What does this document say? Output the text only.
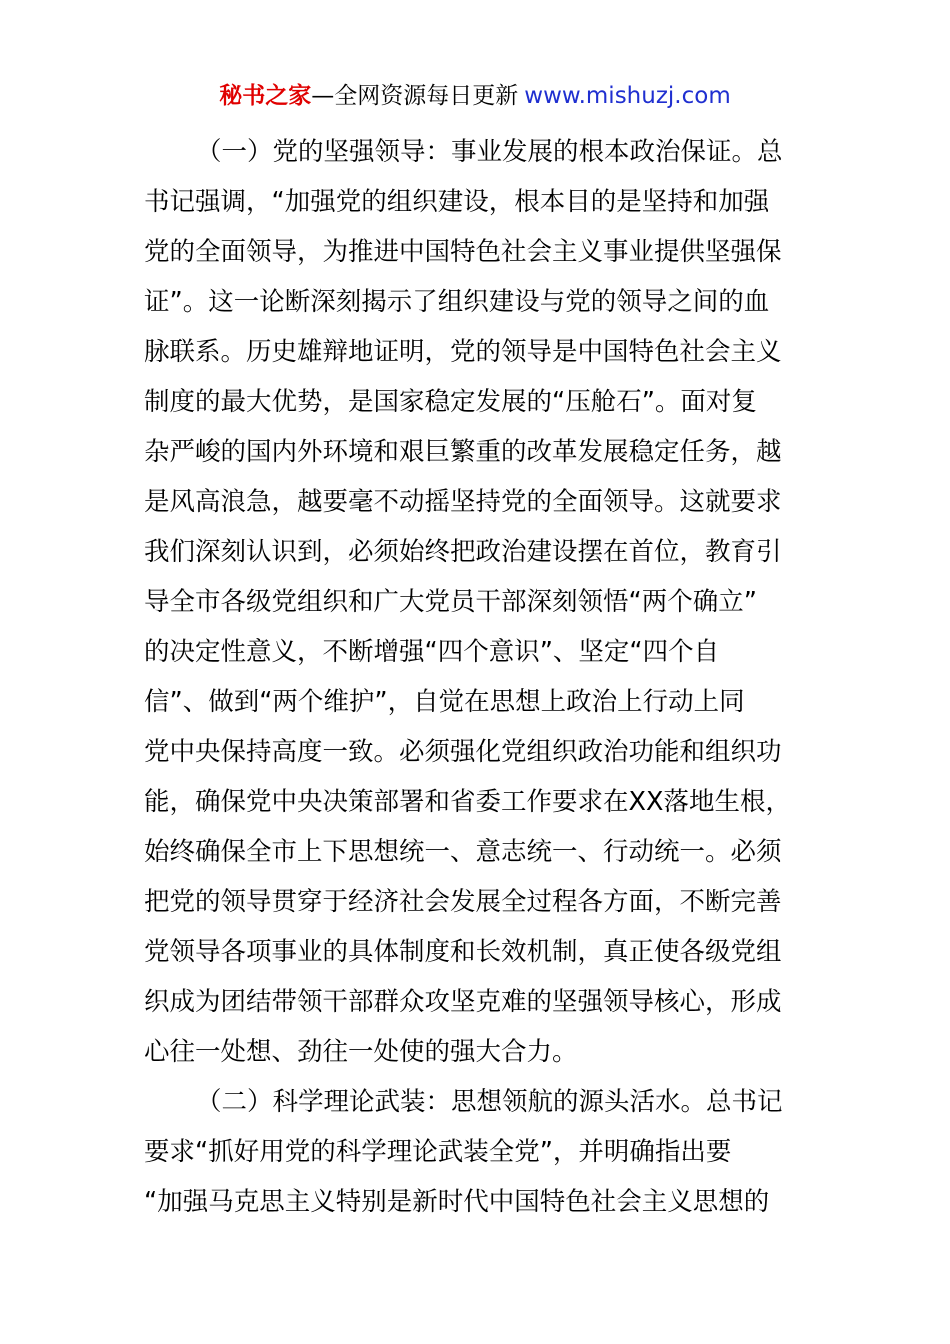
秘书之家—全网资源每日更新 www.mishuzj.com
（一）党的坚强领导：事业发展的根本政治保证。总
书记强调，“加强党的组织建设，根本目的是坚持和加强
党的全面领导，为推进中国特色社会主义事业提供坚强保
证”。这一论断深刻揭示了组织建设与党的领导之间的血
脉联系。历史雄辩地证明，党的领导是中国特色社会主义
制度的最大优势，是国家稳定发展的“压舱石”。面对复
杂严峻的国内外环境和艰巨繁重的改革发展稳定任务，越
是风高浪急，越要毫不动摇坚持党的全面领导。这就要求
我们深刻认识到，必须始终把政治建设摆在首位，教育引
导全市各级党组织和广大党员干部深刻领悟“两个确立”
的决定性意义，不断增强“四个意识”、坚定“四个自
信”、做到“两个维护”，自觉在思想上政治上行动上同
党中央保持高度一致。必须强化党组织政治功能和组织功
能，确保党中央决策部署和省委工作要求在XX落地生根，
始终确保全市上下思想统一、意志统一、行动统一。必须
把党的领导贯穿于经济社会发展全过程各方面，不断完善
党领导各项事业的具体制度和长效机制，真正使各级党组
织成为团结带领干部群众攻坚克难的坚强领导核心，形成
心往一处想、劲往一处使的强大合力。
（二）科学理论武装：思想领航的源头活水。总书记
要求“抓好用党的科学理论武装全党”，并明确指出要
“加强马克思主义特别是新时代中国特色社会主义思想的
